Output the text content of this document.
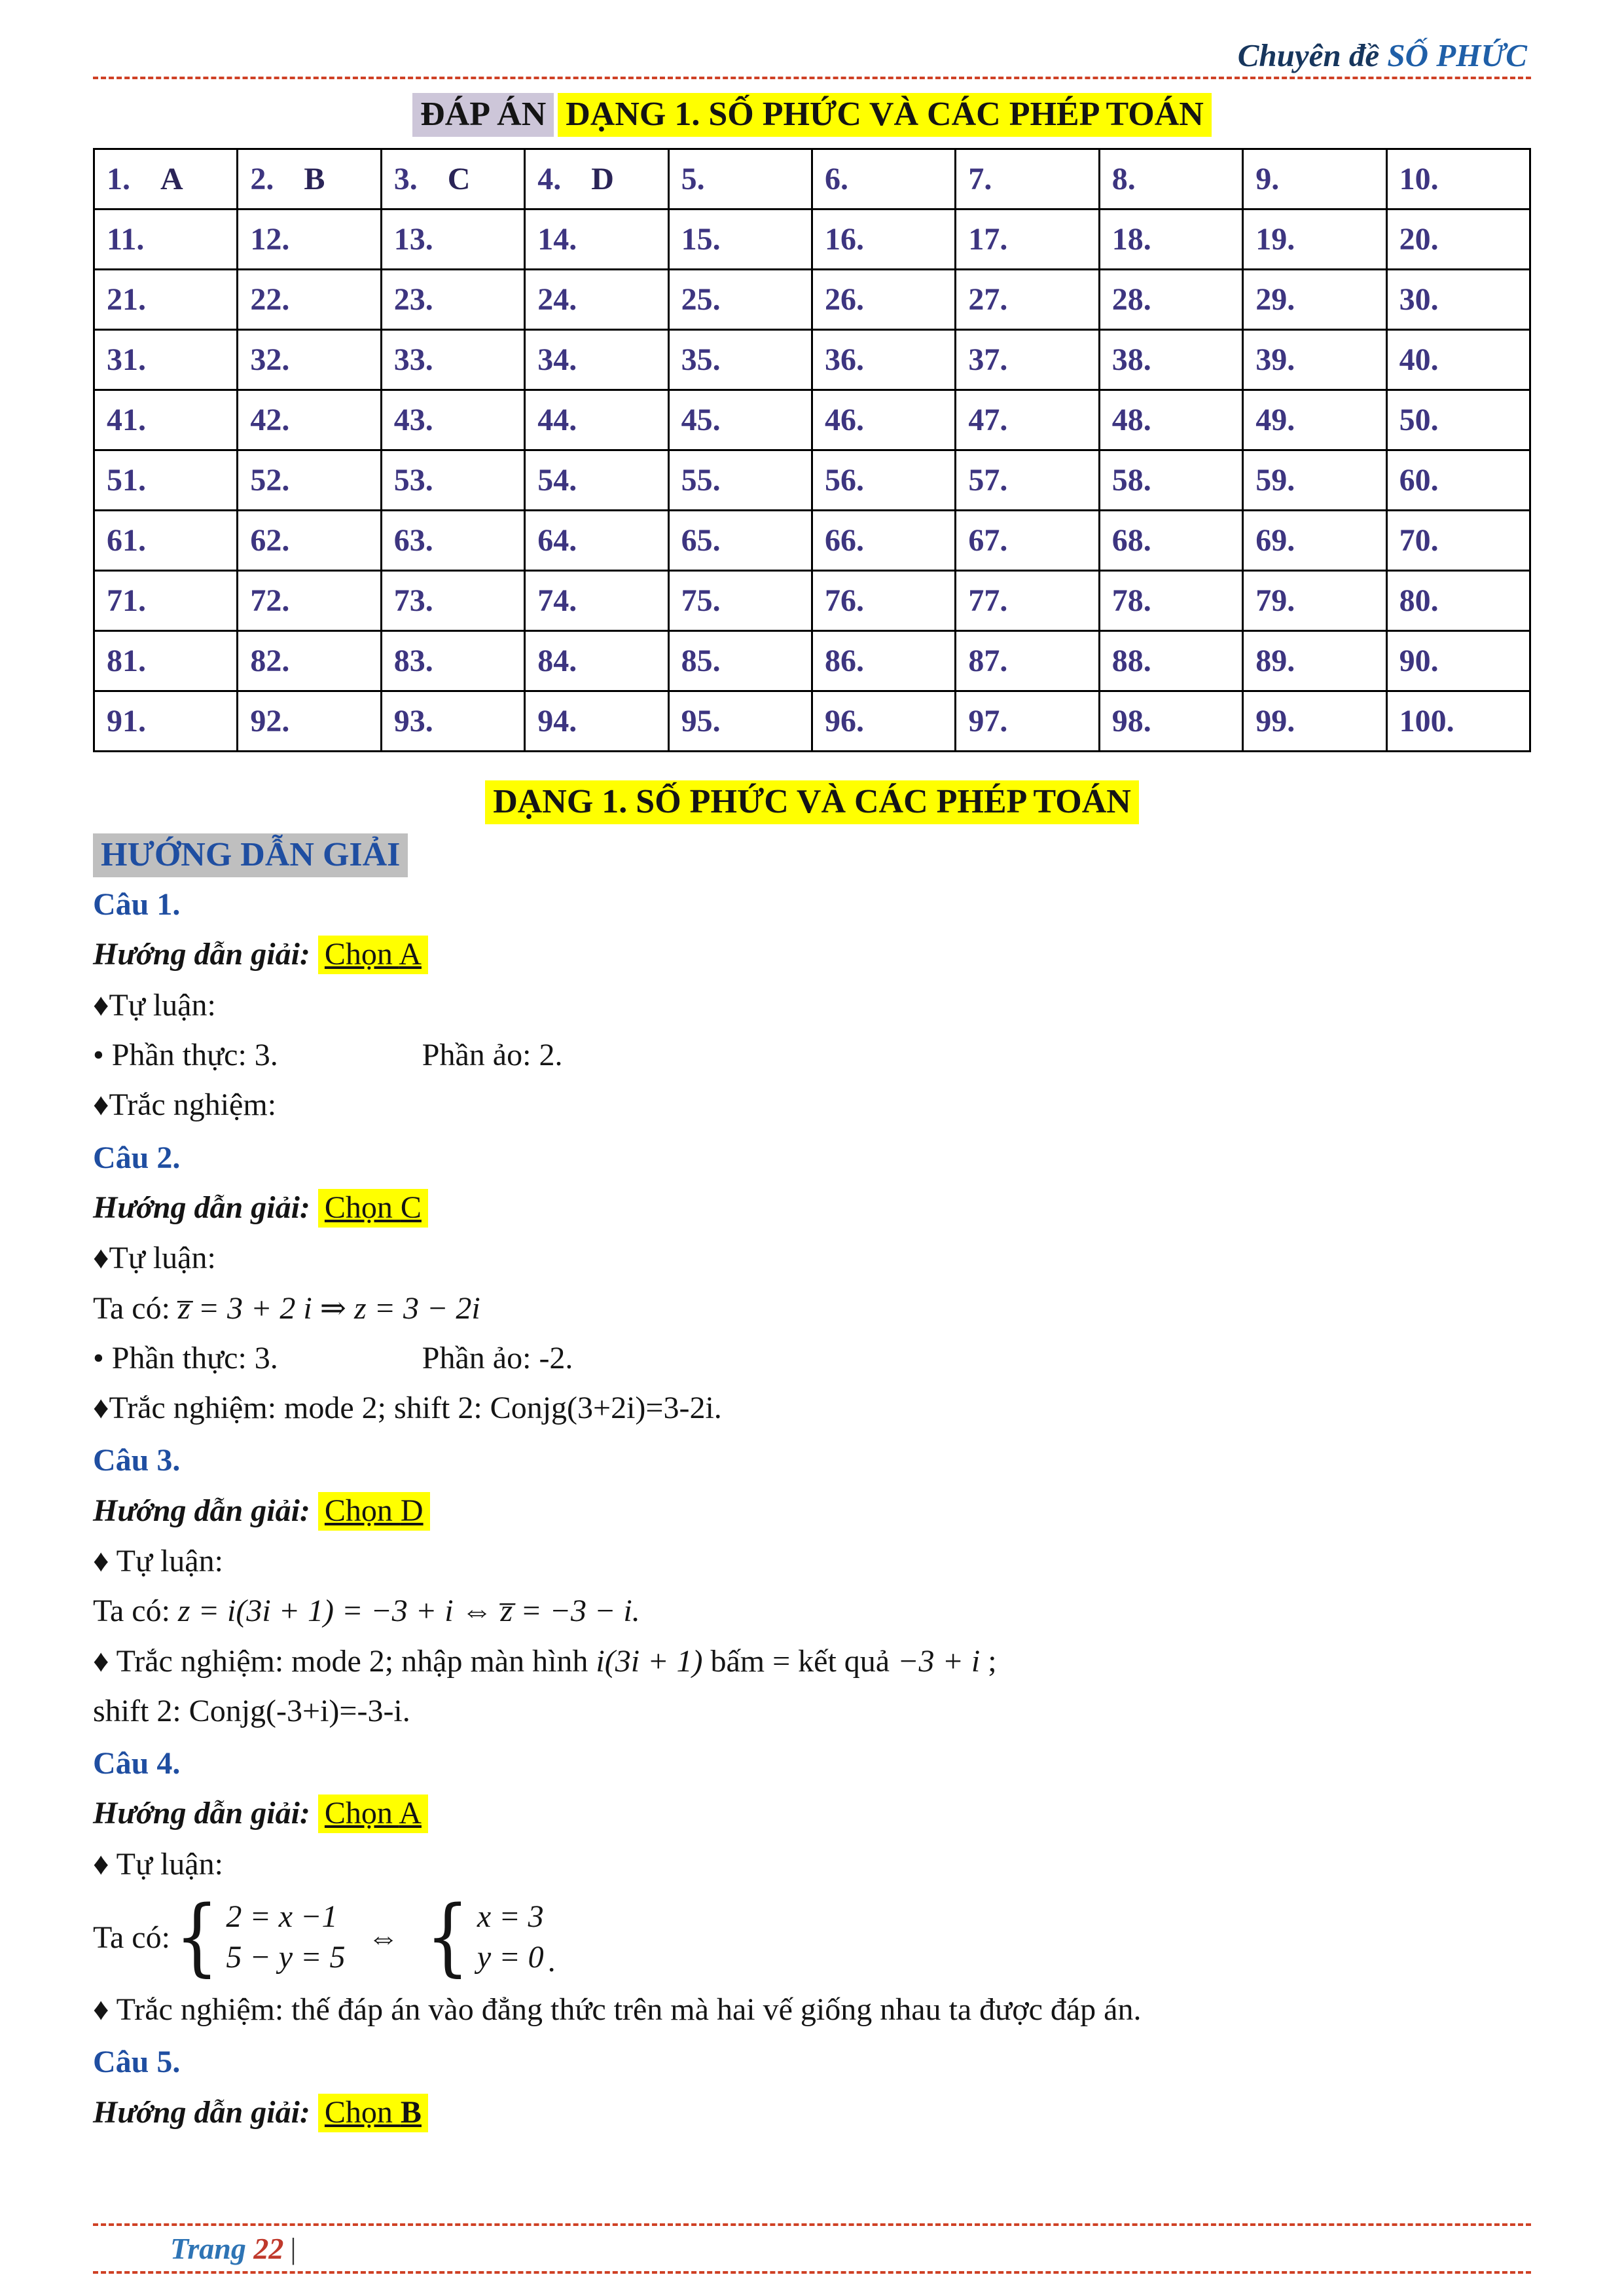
Chuyên đề SỐ PHỨC
ĐÁP ÁN DẠNG 1. SỐ PHỨC VÀ CÁC PHÉP TOÁN
1. A 2. B 3. C 4. D 5.	6.	7.	8.	9.	10.
11.	12.	13.	14.	15.	16.	17.	18.	19.	20.
21.	22.	23.	24.	25.	26.	27.	28.	29.	30.
31.	32.	33.	34.	35.	36.	37.	38.	39.	40.
41.	42.	43.	44.	45.	46.	47.	48.	49.	50.
51.	52.	53.	54.	55.	56.	57.	58.	59.	60.
61.	62.	63.	64.	65.	66.	67.	68.	69.	70.
71.	72.	73.	74.	75.	76.	77.	78.	79.	80.
81.	82.	83.	84.	85.	86.	87.	88.	89.	90.
91.	92.	93.	94.	95.	96.	97.	98.	99.	100.
DẠNG 1. SỐ PHỨC VÀ CÁC PHÉP TOÁN
HƯỚNG DẪN GIẢI
Câu 1.
Hướng dẫn giải: Chọn A
♦Tự luận:
• Phần thực: 3.	Phần ảo: 2.
♦Trắc nghiệm:
Câu 2.
Hướng dẫn giải: Chọn C
♦Tự luận:
Ta có: z̅ = 3 + 2 i ⇒ z = 3 − 2i
• Phần thực: 3.	Phần ảo: -2.
♦Trắc nghiệm: mode 2; shift 2: Conjg(3+2i)=3-2i.
Câu 3.
Hướng dẫn giải: Chọn D
♦ Tự luận:
Ta có: z = i(3i + 1) = −3 + i ⇔ z̅ = −3 − i.
♦ Trắc nghiệm: mode 2; nhập màn hình i(3i + 1) bấm = kết quả −3 + i ;
shift 2: Conjg(-3+i)=-3-i.
Câu 4.
Hướng dẫn giải: Chọn A
♦ Tự luận:
Ta có: { 2 = x −1
5 − y = 5
⇔ { x = 3
y = 0 .
♦ Trắc nghiệm: thế đáp án vào đẳng thức trên mà hai vế giống nhau ta được đáp án.
Câu 5.
Hướng dẫn giải: Chọn B
Trang 22 |
